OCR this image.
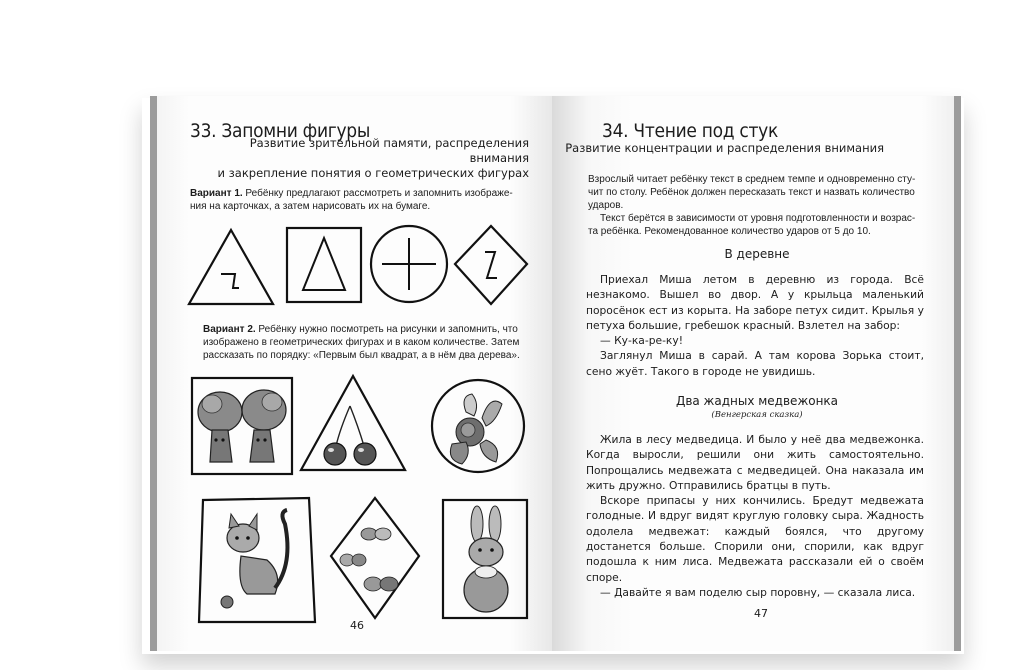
33. Запомни фигуры
Развитие зрительной памяти, распределения внимания
и закрепление понятия о геометрических фигурах
Вариант 1. Ребёнку предлагают рассмотреть и запомнить изображе-
ния на карточках, а затем нарисовать их на бумаге.
Вариант 2. Ребёнку нужно посмотреть на рисунки и запомнить, что
изображено в геометрических фигурах и в каком количестве. Затем
рассказать по порядку: «Первым был квадрат, а в нём два дерева».
46
34. Чтение под стук
Развитие концентрации и распределения внимания
Взрослый читает ребёнку текст в среднем темпе и одновременно сту-
чит по столу. Ребёнок должен пересказать текст и назвать количество
ударов.
Текст берётся в зависимости от уровня подготовленности и возрас-
та ребёнка. Рекомендованное количество ударов от 5 до 10.
В деревне

Приехал Миша летом в деревню из города. Всё незнакомо. Вышел во двор. А у крыльца маленький поросёнок ест из корыта. На заборе петух сидит. Крылья у петуха большие, гребешок красный. Взлетел на забор:

— Ку-ка-ре-ку!

Заглянул Миша в сарай. А там корова Зорька стоит, сено жуёт. Такого в городе не увидишь.

Два жадных медвежонка
(Венгерская сказка)

Жила в лесу медведица. И было у неё два медвежонка. Когда выросли, решили они жить самостоятельно. Попрощались медвежата с медведицей. Она наказала им жить дружно. Отправились братцы в путь.

Вскоре припасы у них кончились. Бредут медвежата голодные. И вдруг видят круглую головку сыра. Жадность одолела медвежат: каждый боялся, что другому достанется больше. Спорили они, спорили, как вдруг подошла к ним лиса. Медвежата рассказали ей о своём споре.

— Давайте я вам поделю сыр поровну, — сказала лиса.

47
